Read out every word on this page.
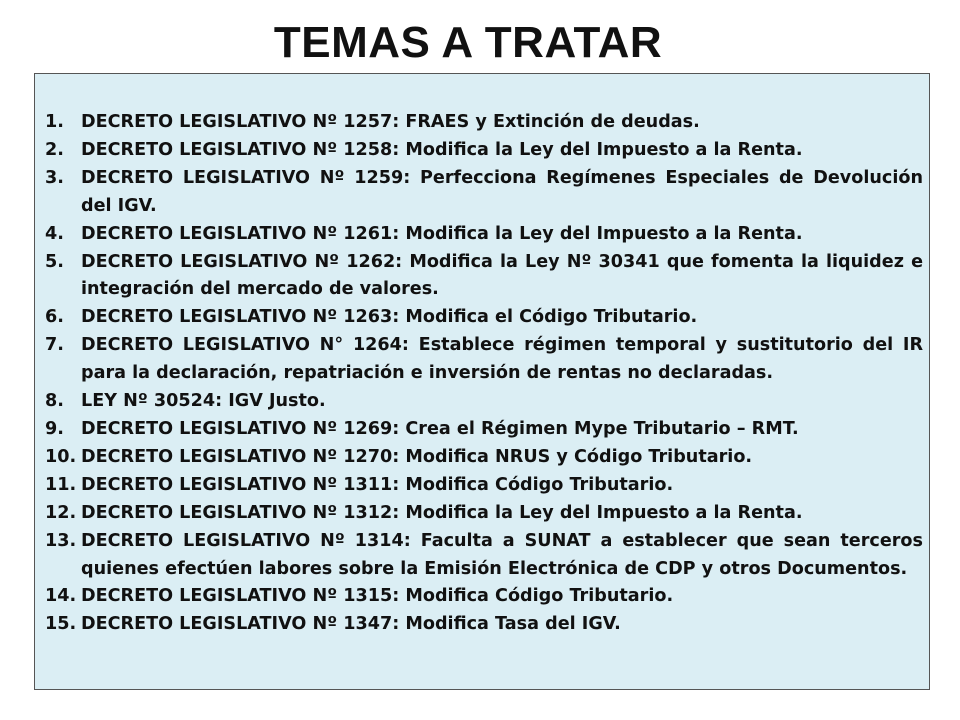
TEMAS A TRATAR
1. DECRETO LEGISLATIVO Nº 1257: FRAES y Extinción de deudas.
2. DECRETO LEGISLATIVO Nº 1258: Modifica la Ley del Impuesto a la Renta.
3. DECRETO LEGISLATIVO Nº 1259: Perfecciona Regímenes Especiales de Devolución del IGV.
4. DECRETO LEGISLATIVO Nº 1261: Modifica la Ley del Impuesto a la Renta.
5. DECRETO LEGISLATIVO Nº 1262: Modifica la Ley Nº 30341 que fomenta la liquidez e integración del mercado de valores.
6. DECRETO LEGISLATIVO Nº 1263: Modifica el Código Tributario.
7. DECRETO LEGISLATIVO N° 1264: Establece régimen temporal y sustitutorio del IR para la declaración, repatriación e inversión de rentas no declaradas.
8. LEY Nº 30524: IGV Justo.
9. DECRETO LEGISLATIVO Nº 1269: Crea el Régimen Mype Tributario – RMT.
10. DECRETO LEGISLATIVO Nº 1270: Modifica NRUS y Código Tributario.
11. DECRETO LEGISLATIVO Nº 1311: Modifica Código Tributario.
12. DECRETO LEGISLATIVO Nº 1312: Modifica la Ley del Impuesto a la Renta.
13. DECRETO LEGISLATIVO Nº 1314: Faculta a SUNAT a establecer que sean terceros quienes efectúen labores sobre la Emisión Electrónica de CDP y otros Documentos.
14. DECRETO LEGISLATIVO Nº 1315: Modifica Código Tributario.
15. DECRETO LEGISLATIVO Nº 1347: Modifica Tasa del IGV.
